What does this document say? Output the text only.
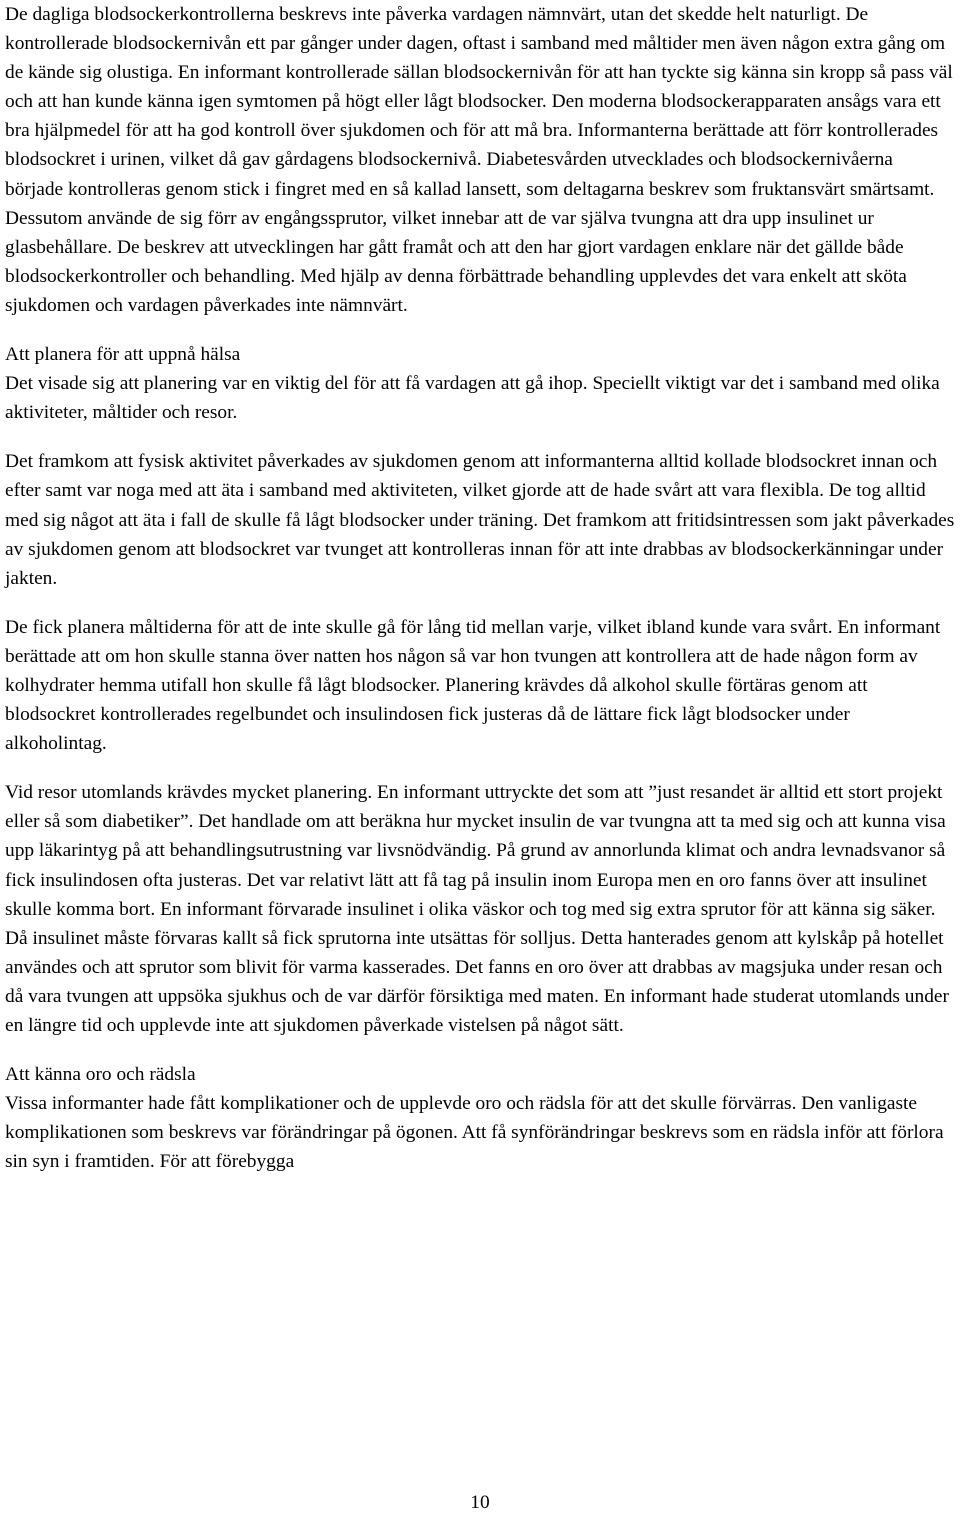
De dagliga blodsockerkontrollerna beskrevs inte påverka vardagen nämnvärt, utan det skedde helt naturligt. De kontrollerade blodsockernivån ett par gånger under dagen, oftast i samband med måltider men även någon extra gång om de kände sig olustiga. En informant kontrollerade sällan blodsockernivån för att han tyckte sig känna sin kropp så pass väl och att han kunde känna igen symtomen på högt eller lågt blodsocker. Den moderna blodsockerapparaten ansågs vara ett bra hjälpmedel för att ha god kontroll över sjukdomen och för att må bra. Informanterna berättade att förr kontrollerades blodsockret i urinen, vilket då gav gårdagens blodsockernivå. Diabetesvården utvecklades och blodsockernivåerna började kontrolleras genom stick i fingret med en så kallad lansett, som deltagarna beskrev som fruktansvärt smärtsamt. Dessutom använde de sig förr av engångssprutor, vilket innebar att de var själva tvungna att dra upp insulinet ur glasbehållare. De beskrev att utvecklingen har gått framåt och att den har gjort vardagen enklare när det gällde både blodsockerkontroller och behandling. Med hjälp av denna förbättrade behandling upplevdes det vara enkelt att sköta sjukdomen och vardagen påverkades inte nämnvärt.

Att planera för att uppnå hälsa

Det visade sig att planering var en viktig del för att få vardagen att gå ihop. Speciellt viktigt var det i samband med olika aktiviteter, måltider och resor.

Det framkom att fysisk aktivitet påverkades av sjukdomen genom att informanterna alltid kollade blodsockret innan och efter samt var noga med att äta i samband med aktiviteten, vilket gjorde att de hade svårt att vara flexibla. De tog alltid med sig något att äta i fall de skulle få lågt blodsocker under träning. Det framkom att fritidsintressen som jakt påverkades av sjukdomen genom att blodsockret var tvunget att kontrolleras innan för att inte drabbas av blodsockerkänningar under jakten.

De fick planera måltiderna för att de inte skulle gå för lång tid mellan varje, vilket ibland kunde vara svårt. En informant berättade att om hon skulle stanna över natten hos någon så var hon tvungen att kontrollera att de hade någon form av kolhydrater hemma utifall hon skulle få lågt blodsocker. Planering krävdes då alkohol skulle förtäras genom att blodsockret kontrollerades regelbundet och insulindosen fick justeras då de lättare fick lågt blodsocker under alkoholintag.

Vid resor utomlands krävdes mycket planering. En informant uttryckte det som att ”just resandet är alltid ett stort projekt eller så som diabetiker”. Det handlade om att beräkna hur mycket insulin de var tvungna att ta med sig och att kunna visa upp läkarintyg på att behandlingsutrustning var livsnödvändig. På grund av annorlunda klimat och andra levnadsvanor så fick insulindosen ofta justeras. Det var relativt lätt att få tag på insulin inom Europa men en oro fanns över att insulinet skulle komma bort. En informant förvarade insulinet i olika väskor och tog med sig extra sprutor för att känna sig säker. Då insulinet måste förvaras kallt så fick sprutorna inte utsättas för solljus. Detta hanterades genom att kylskåp på hotellet användes och att sprutor som blivit för varma kasserades. Det fanns en oro över att drabbas av magsjuka under resan och då vara tvungen att uppsöka sjukhus och de var därför försiktiga med maten. En informant hade studerat utomlands under en längre tid och upplevde inte att sjukdomen påverkade vistelsen på något sätt.

Att känna oro och rädsla

Vissa informanter hade fått komplikationer och de upplevde oro och rädsla för att det skulle förvärras. Den vanligaste komplikationen som beskrevs var förändringar på ögonen. Att få synförändringar beskrevs som en rädsla inför att förlora sin syn i framtiden. För att förebygga

10
